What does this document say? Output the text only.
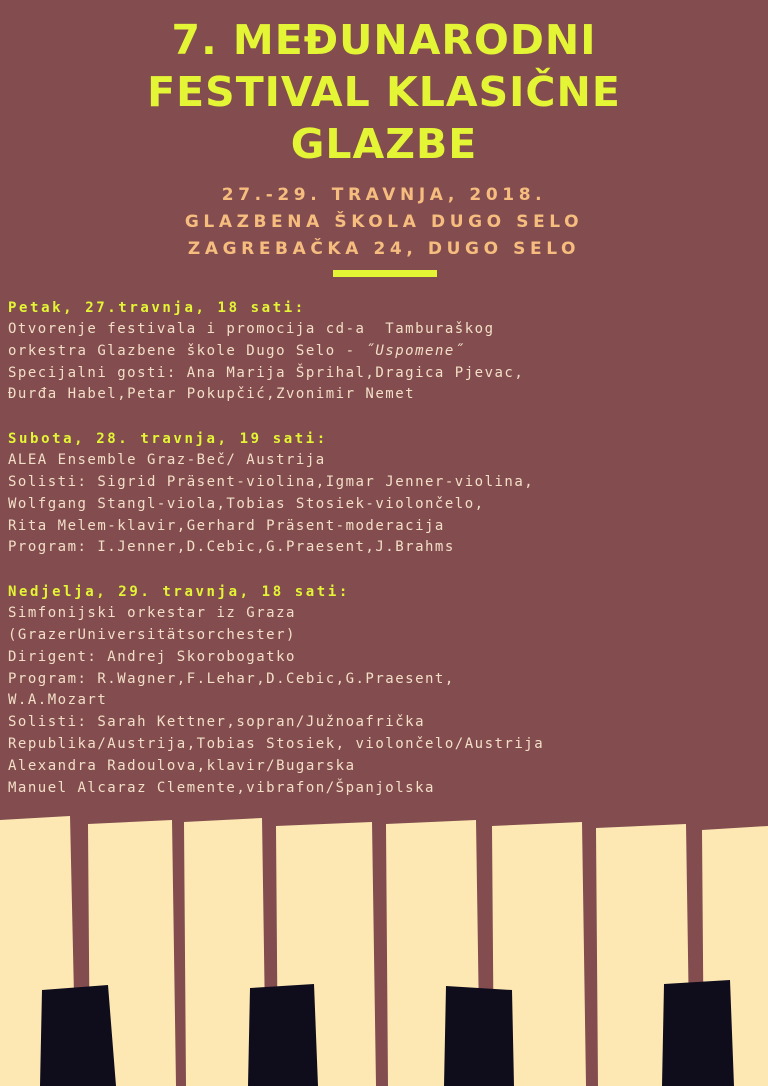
7. MEĐUNARODNI
FESTIVAL KLASIČNE
GLAZBE
27.-29. TRAVNJA, 2018.
GLAZBENA ŠKOLA DUGO SELO
ZAGREBAČKA 24, DUGO SELO
Petak, 27.travnja, 18 sati:
Otvorenje festivala i promocija cd-a  Tamburaškog
orkestra Glazbene škole Dugo Selo - ˝Uspomene˝
Specijalni gosti: Ana Marija Šprihal,Dragica Pjevac,
Đurđa Habel,Petar Pokupčić,Zvonimir Nemet
Subota, 28. travnja, 19 sati:
ALEA Ensemble Graz-Beč/ Austrija
Solisti: Sigrid Präsent-violina,Igmar Jenner-violina,
Wolfgang Stangl-viola,Tobias Stosiek-violončelo,
Rita Melem-klavir,Gerhard Präsent-moderacija
Program: I.Jenner,D.Cebic,G.Praesent,J.Brahms
Nedjelja, 29. travnja, 18 sati:
Simfonijski orkestar iz Graza
(GrazerUniversitätsorchester)
Dirigent: Andrej Skorobogatko
Program: R.Wagner,F.Lehar,D.Cebic,G.Praesent,
W.A.Mozart
Solisti: Sarah Kettner,sopran/Južnoafrička
Republika/Austrija,Tobias Stosiek, violončelo/Austrija
Alexandra Radoulova,klavir/Bugarska
Manuel Alcaraz Clemente,vibrafon/Španjolska
